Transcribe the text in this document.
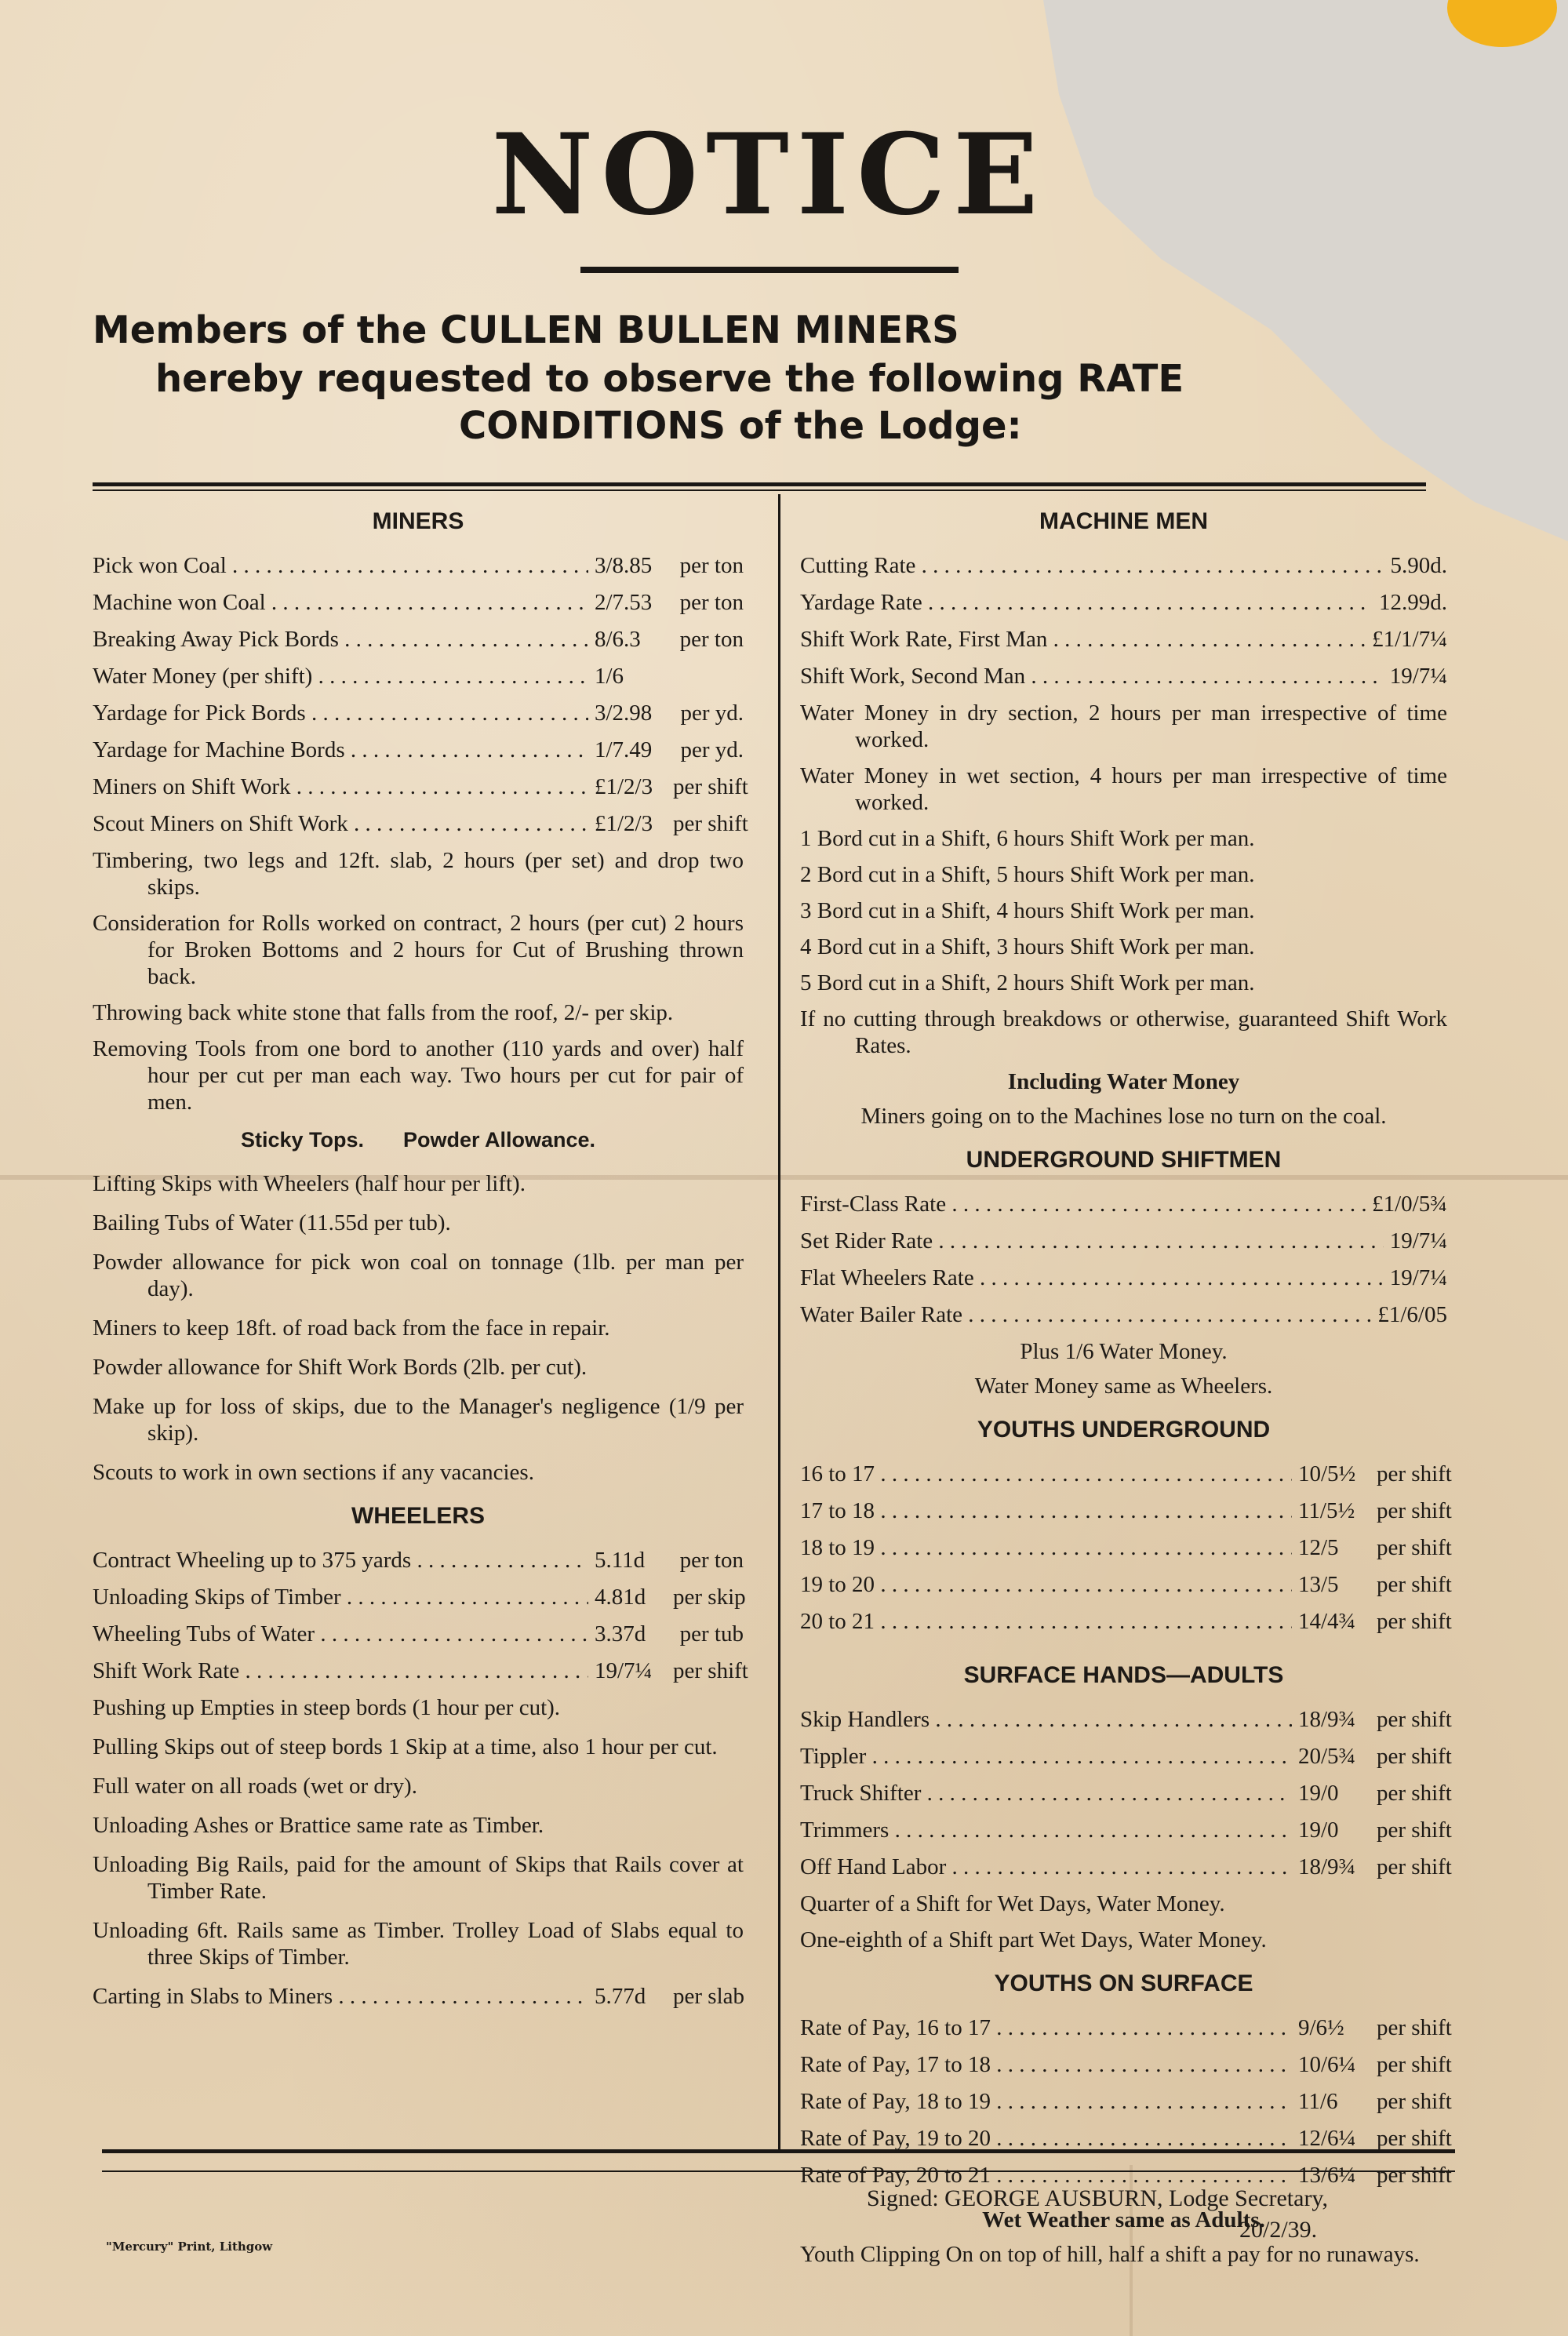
NOTICE
Members of the CULLEN BULLEN MINERS
hereby requested to observe the following RATE
CONDITIONS of the Lodge:
MINERS
Pick won Coal . . .	3/8.85 per ton
Machine won Coal . . .	2/7.53 per ton
Breaking Away Pick Bords . . .	8/6.3 per ton
Water Money (per shift) . . .	1/6
Yardage for Pick Bords . . .	3/2.98 per yd.
Yardage for Machine Bords . . .	1/7.49 per yd.
Miners on Shift Work . . .	£1/2/3 per shift
Scout Miners on Shift Work . . .	£1/2/3 per shift
Timbering, two legs and 12ft. slab, 2 hours (per set) and drop two skips.
Consideration for Rolls worked on contract, 2 hours (per cut) 2 hours for Broken Bottoms and 2 hours for Cut of Brushing thrown back.
Throwing back white stone that falls from the roof, 2/- per skip.
Removing Tools from one bord to another (110 yards and over) half hour per cut per man each way. Two hours per cut for pair of men.
Sticky Tops. Powder Allowance.
Lifting Skips with Wheelers (half hour per lift).
Bailing Tubs of Water (11.55d per tub).
Powder allowance for pick won coal on tonnage (1lb. per man per day).
Miners to keep 18ft. of road back from the face in repair.
Powder allowance for Shift Work Bords (2lb. per cut).
Make up for loss of skips, due to the Manager's negligence (1/9 per skip).
Scouts to work in own sections if any vacancies.
WHEELERS
Contract Wheeling up to 375 yards . . .	5.11d per ton
Unloading Skips of Timber . . .	4.81d per skip
Wheeling Tubs of Water . . .	3.37d per tub
Shift Work Rate . . .	19/7¼ per shift
Pushing up Empties in steep bords (1 hour per cut).
Pulling Skips out of steep bords 1 Skip at a time, also 1 hour per cut.
Full water on all roads (wet or dry).
Unloading Ashes or Brattice same rate as Timber.
Unloading Big Rails, paid for the amount of Skips that Rails cover at Timber Rate.
Unloading 6ft. Rails same as Timber. Trolley Load of Slabs equal to three Skips of Timber.
Carting in Slabs to Miners . . .	5.77d per slab
MACHINE MEN
Cutting Rate . . .	5.90d.
Yardage Rate . . .	12.99d.
Shift Work Rate, First Man . . .	£1/1/7¼
Shift Work, Second Man . . .	19/7¼
Water Money in dry section, 2 hours per man irrespective of time worked.
Water Money in wet section, 4 hours per man irrespective of time worked.
1 Bord cut in a Shift, 6 hours Shift Work per man.
2 Bord cut in a Shift, 5 hours Shift Work per man.
3 Bord cut in a Shift, 4 hours Shift Work per man.
4 Bord cut in a Shift, 3 hours Shift Work per man.
5 Bord cut in a Shift, 2 hours Shift Work per man.
If no cutting through breakdows or otherwise, guaranteed Shift Work Rates.
Including Water Money
Miners going on to the Machines lose no turn on the coal.
UNDERGROUND SHIFTMEN
First-Class Rate . . .	£1/0/5¾
Set Rider Rate . . .	19/7¼
Flat Wheelers Rate . . .	19/7¼
Water Bailer Rate . . .	£1/6/05
Plus 1/6 Water Money.
Water Money same as Wheelers.
YOUTHS UNDERGROUND
16 to 17 . . .	10/5½ per shift
17 to 18 . . .	11/5½ per shift
18 to 19 . . .	12/5 per shift
19 to 20 . . .	13/5 per shift
20 to 21 . . .	14/4¾ per shift
SURFACE HANDS—ADULTS
Skip Handlers . . .	18/9¾ per shift
Tippler . . .	20/5¾ per shift
Truck Shifter . . .	19/0 per shift
Trimmers . . .	19/0 per shift
Off Hand Labor . . .	18/9¾ per shift
Quarter of a Shift for Wet Days, Water Money.
One-eighth of a Shift part Wet Days, Water Money.
YOUTHS ON SURFACE
Rate of Pay, 16 to 17 . . .	9/6½ per shift
Rate of Pay, 17 to 18 . . .	10/6¼ per shift
Rate of Pay, 18 to 19 . . .	11/6 per shift
Rate of Pay, 19 to 20 . . .	12/6¼ per shift
Rate of Pay, 20 to 21 . . .	13/6¼ per shift
Wet Weather same as Adults.
Youth Clipping On on top of hill, half a shift a pay for no runaways.
Signed: GEORGE AUSBURN, Lodge Secretary,
20/2/39.
"Mercury" Print, Lithgow
